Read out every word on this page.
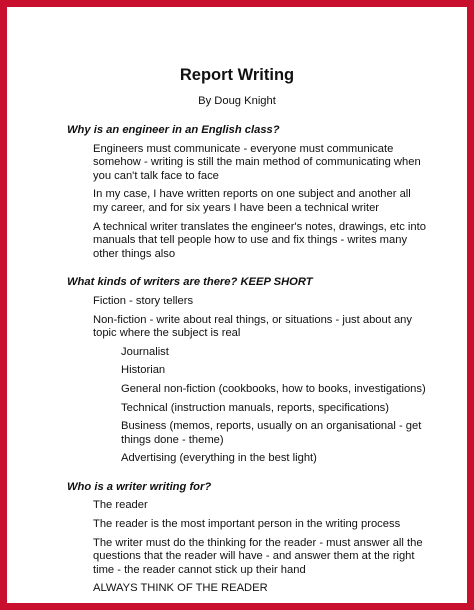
Report Writing
By Doug Knight
Why is an engineer in an English class?
Engineers must communicate - everyone must communicate somehow - writing is still the main method of communicating when you can't talk face to face
In my case, I have written reports on one subject and another all my career, and for six years I have been a technical writer
A technical writer translates the engineer's notes, drawings, etc into manuals that tell people how to use and fix things - writes many other things also
What kinds of writers are there? KEEP SHORT
Fiction - story tellers
Non-fiction - write about real things, or situations - just about any topic where the subject is real
Journalist
Historian
General non-fiction (cookbooks, how to books, investigations)
Technical (instruction manuals, reports, specifications)
Business (memos, reports, usually on an organisational - get things done - theme)
Advertising (everything in the best light)
Who is a writer writing for?
The reader
The reader is the most important person in the writing process
The writer must do the thinking for the reader - must answer all the questions that the reader will have - and answer them at the right time - the reader cannot stick up their hand
ALWAYS THINK OF THE READER
